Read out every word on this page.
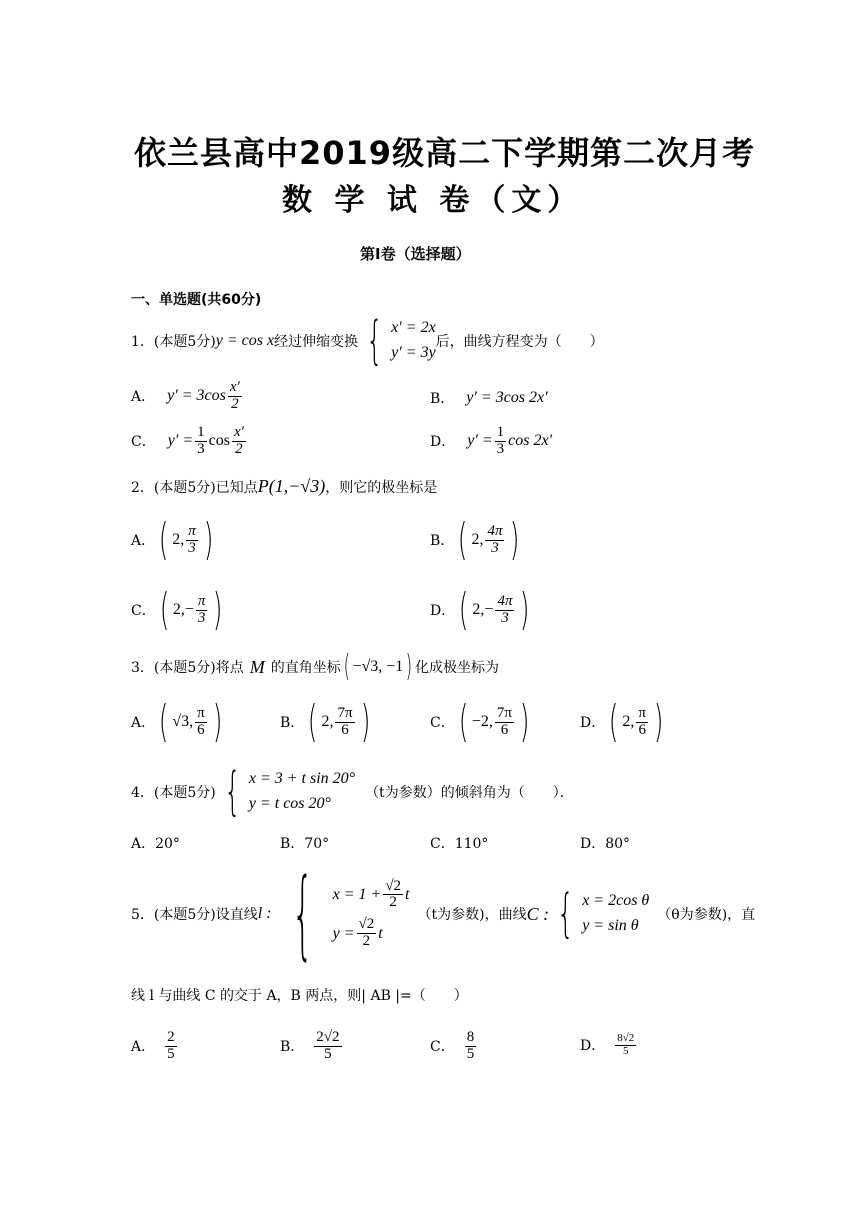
依兰县高中2019级高二下学期第二次月考
数 学 试 卷（文）
第Ⅰ卷（选择题）
一、单选题(共60分)
1．(本题5分) y = cos x 经过伸缩变换 { x′ = 2x
y′ = 3y
后，曲线方程变为（　　）
A． $y' = 3\cos \frac{x'}{2}$	B． y′ = 3cos 2x′
C． $y' = \frac{1}{3}$ $\cos \frac{x'}{2}$	D． $y' = \frac{1}{3}$ cos 2x′
2．(本题5分)已知点 P(1,−√3) ，则它的极坐标是
A． ( 2, $\frac{\pi}{3}$ )	B． ( 2, $\frac{4\pi}{3}$ )
C． ( $2,- \frac{\pi}{3}$ )	D． ( $2,- \frac{4\pi}{3}$ )
3．(本题5分)将点 M 的直角坐标 ( −√3, −1 ) 化成极坐标为
A． ( √3, $\frac{\pi}{6}$ )	B． ( 2, $\frac{7\pi}{6}$ )	C． ( −2, $\frac{7\pi}{6}$ )	D． ( 2, $\frac{\pi}{6}$ )
4．(本题5分) { x = 3 + t sin 20°
y = t cos 20°
（t为参数）的倾斜角为（　　）．
A．20°	B．70°	C．110°	D．80°
5．(本题5分)设直线 l : { $x = 1 + \frac{√2}{2}$ t
$y = \frac{√2}{2}$ t
（t为参数)，曲线 C : { x = 2cos θ
y = sin θ
（θ为参数)，直
线 l 与曲线 C 的交于 A，B 两点，则| AB |=（　　）
A． $\frac{2}{5}$	B． $\frac{2√2}{5}$	C． $\frac{8}{5}$	D． $\frac{8√2}{5}$
